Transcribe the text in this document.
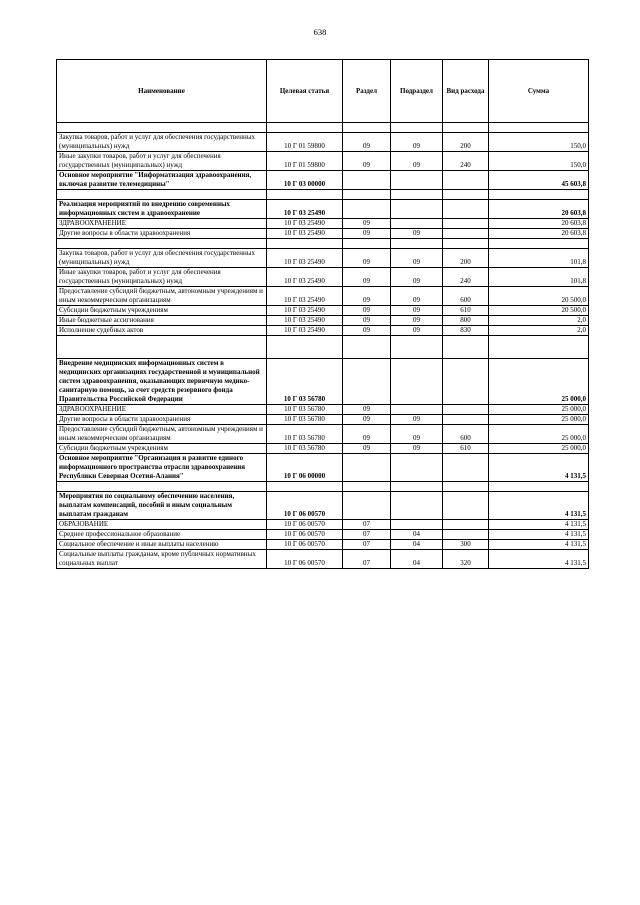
638
Наименование	Целевая статья	Раздел	Подраздел	Вид расхода	Сумма

Закупка товаров, работ и услуг для обеспечения государственных (муниципальных) нужд	10 Г 01 59800	09	09	200	150,0
Иные закупки товаров, работ и услуг для обеспечения государственных (муниципальных) нужд	10 Г 01 59800	09	09	240	150,0
Основное мероприятие "Информатизация здравоохранения, включая развитие телемедицины"	10 Г 03 00000				45 603,8

Реализация мероприятий по внедрению современных информационных систем в здравоохранение	10 Г 03 25490				20 603,8
ЗДРАВООХРАНЕНИЕ	10 Г 03 25490	09			20 603,8
Другие вопросы в области здравоохранения	10 Г 03 25490	09	09		20 603,8

Закупка товаров, работ и услуг для обеспечения государственных (муниципальных) нужд	10 Г 03 25490	09	09	200	101,8
Иные закупки товаров, работ и услуг для обеспечения государственных (муниципальных) нужд	10 Г 03 25490	09	09	240	101,8
Предоставление субсидий бюджетным, автономным учреждениям и иным некоммерческим организациям	10 Г 03 25490	09	09	600	20 500,0
Субсидии бюджетным учреждениям	10 Г 03 25490	09	09	610	20 500,0
Иные бюджетные ассигнования	10 Г 03 25490	09	09	800	2,0
Исполнение судебных актов	10 Г 03 25490	09	09	830	2,0

Внедрение медицинских информационных систем в медицинских организациях государственной и муниципальной систем здравоохранения, оказывающих первичную медико-санитарную помощь, за счет средств резервного фонда Правительства Российской Федерации	10 Г 03 56780				25 000,0
ЗДРАВООХРАНЕНИЕ	10 Г 03 56780	09			25 000,0
Другие вопросы в области здравоохранения	10 Г 03 56780	09	09		25 000,0
Предоставление субсидий бюджетным, автономным учреждениям и иным некоммерческим организациям	10 Г 03 56780	09	09	600	25 000,0
Субсидии бюджетным учреждениям	10 Г 03 56780	09	09	610	25 000,0
Основное мероприятие "Организация и развитие единого информационного пространства отрасли здравоохранения Республики Северная Осетия-Алания"	10 Г 06 00000				4 131,5

Мероприятия по социальному обеспечению населения, выплатам компенсаций, пособий и иным социальным выплатам гражданам	10 Г 06 00570				4 131,5
ОБРАЗОВАНИЕ	10 Г 06 00570	07			4 131,5
Среднее профессиональное образование	10 Г 06 00570	07	04		4 131,5
Социальное обеспечение и иные выплаты населению	10 Г 06 00570	07	04	300	4 131,5
Социальные выплаты гражданам, кроме публичных нормативных социальных выплат	10 Г 06 00570	07	04	320	4 131,5
